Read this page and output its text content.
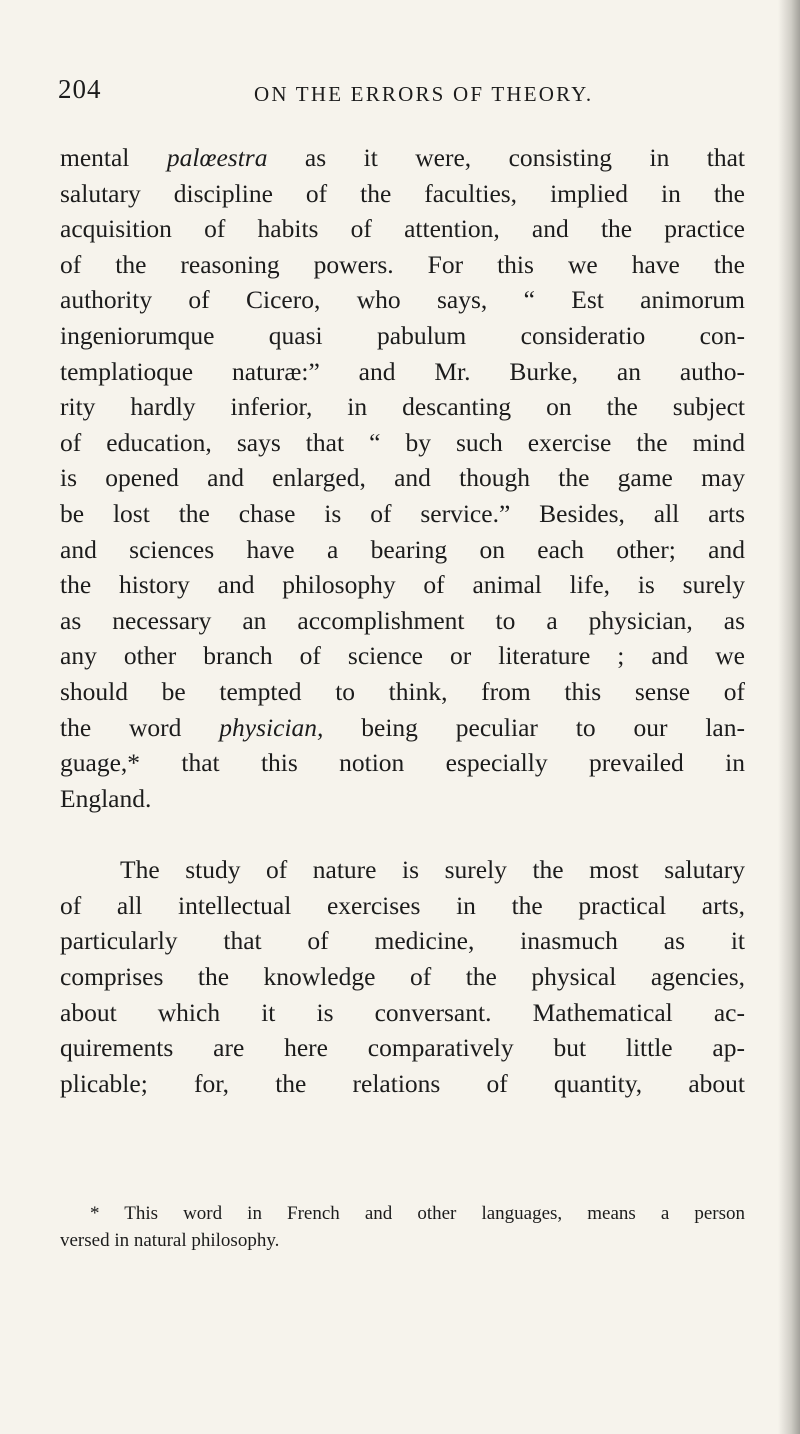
204	ON THE ERRORS OF THEORY.
mental palœestra as it were, consisting in that
salutary discipline of the faculties, implied in the
acquisition of habits of attention, and the practice
of the reasoning powers. For this we have the
authority of Cicero, who says, “ Est animorum
ingeniorumque quasi pabulum consideratio con-
templatioque naturæ:” and Mr. Burke, an autho-
rity hardly inferior, in descanting on the subject
of education, says that “ by such exercise the mind
is opened and enlarged, and though the game may
be lost the chase is of service.” Besides, all arts
and sciences have a bearing on each other; and
the history and philosophy of animal life, is surely
as necessary an accomplishment to a physician, as
any other branch of science or literature ; and we
should be tempted to think, from this sense of
the word physician, being peculiar to our lan-
guage,* that this notion especially prevailed in
England.
The study of nature is surely the most salutary
of all intellectual exercises in the practical arts,
particularly that of medicine, inasmuch as it
comprises the knowledge of the physical agencies,
about which it is conversant. Mathematical ac-
quirements are here comparatively but little ap-
plicable; for, the relations of quantity, about
* This word in French and other languages, means a person
versed in natural philosophy.
